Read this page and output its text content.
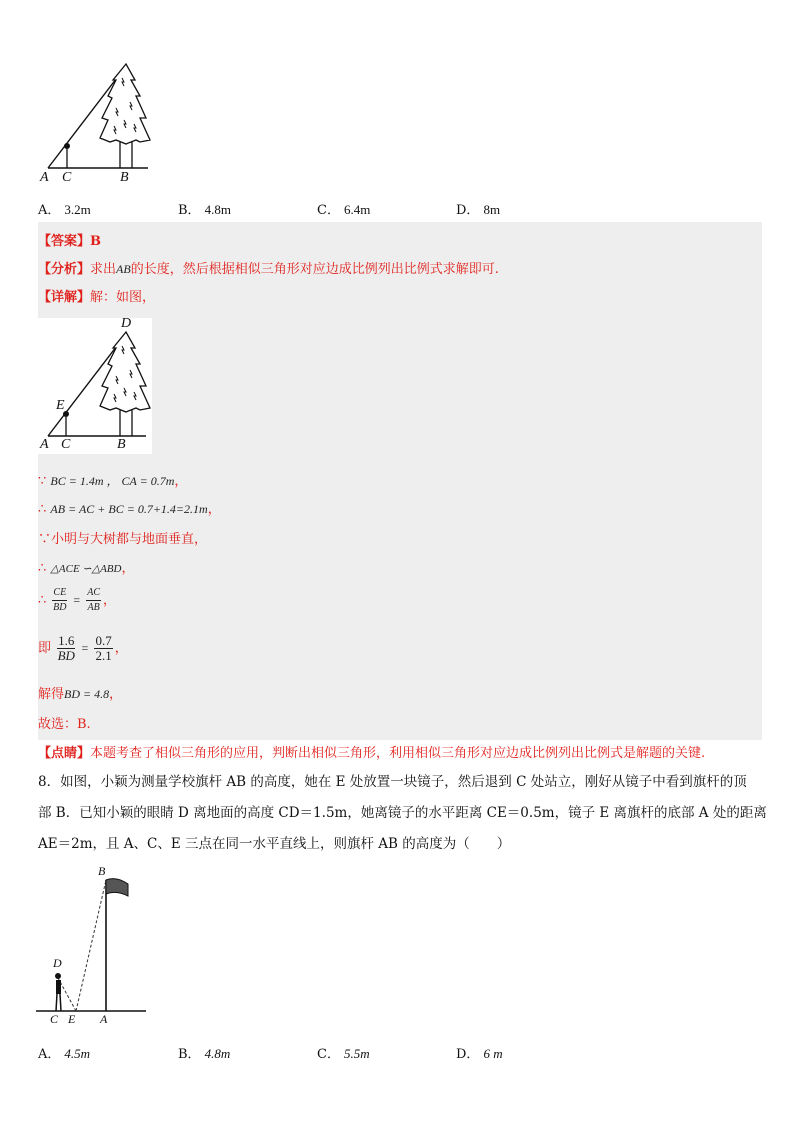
A C	B
A． 3.2m	B． 4.8m	C． 6.4m	D． 8m
【答案】B
【分析】求出AB的长度，然后根据相似三角形对应边成比例列出比例式求解即可.
【详解】解：如图，
D
E
A C	B
∵ BC = 1.4m ， CA = 0.7m，
∴ AB = AC + BC = 0.7+1.4=2.1m，
∵小明与大树都与地面垂直，
∴ △ACE ∽△ABD，
∴ $\frac{CE}{BD} = \frac{AC}{AB}$ ，
即 $\frac{1.6}{BD} = \frac{0.7}{2.1}$ ，
解得BD = 4.8，
故选：B.
【点睛】本题考查了相似三角形的应用，判断出相似三角形，利用相似三角形对应边成比例列出比例式是解题的关键.
8．如图，小颖为测量学校旗杆 AB 的高度，她在 E 处放置一块镜子，然后退到 C 处站立，刚好从镜子中看到旗杆的顶
部 B．已知小颖的眼睛 D 离地面的高度 CD＝1.5m，她离镜子的水平距离 CE＝0.5m，镜子 E 离旗杆的底部 A 处的距离
AE＝2m，且 A、C、E 三点在同一水平直线上，则旗杆 AB 的高度为（　　）
B
D
C E A
A． 4.5m	B． 4.8m	C． 5.5m	D． 6 m
